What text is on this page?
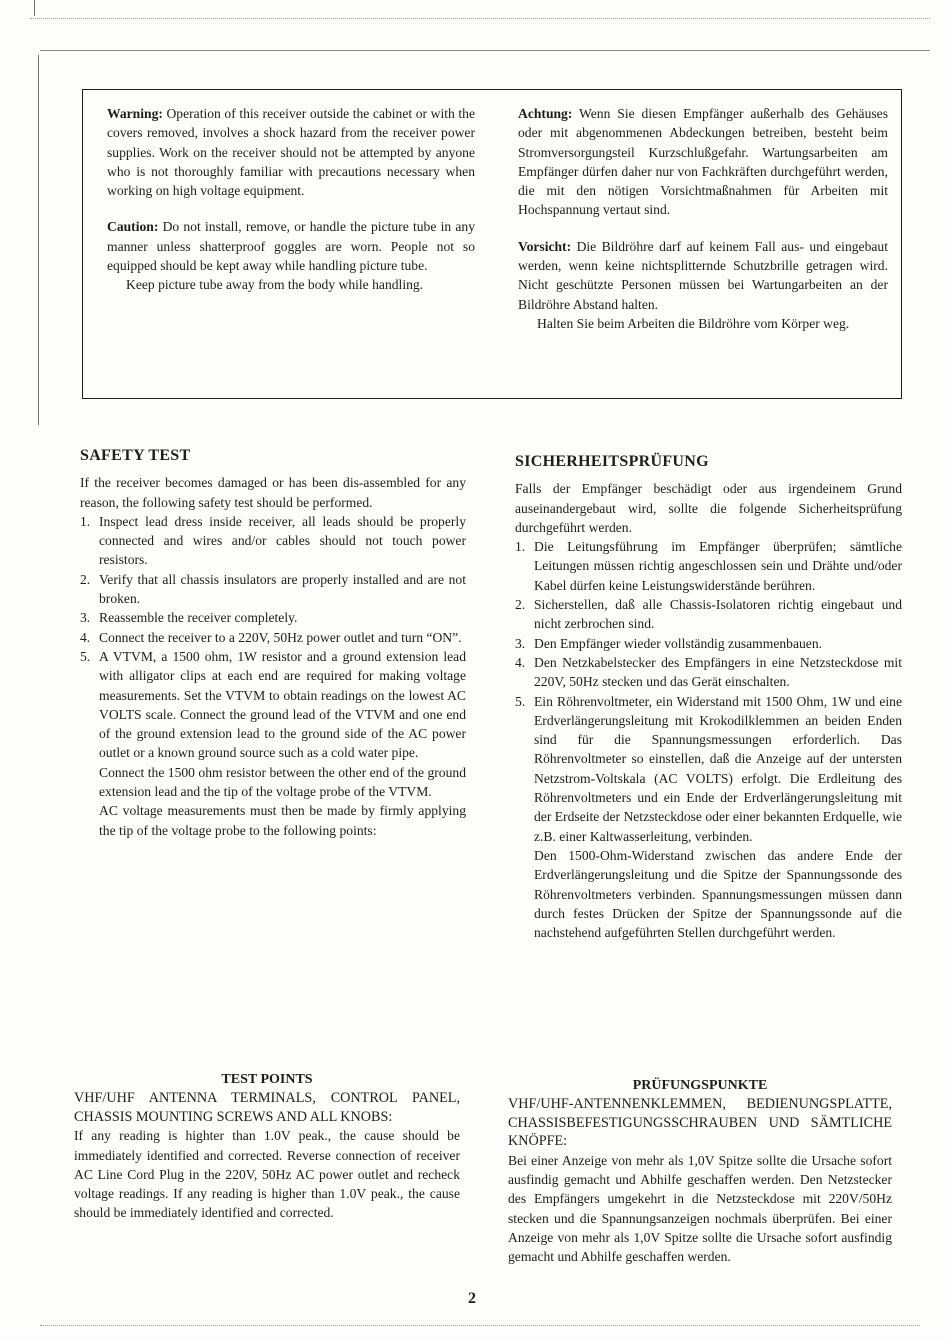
Warning: Operation of this receiver outside the cabinet or with the covers removed, involves a shock hazard from the receiver power supplies. Work on the receiver should not be attempted by anyone who is not thoroughly familiar with precautions necessary when working on high voltage equipment.

Caution: Do not install, remove, or handle the picture tube in any manner unless shatterproof goggles are worn. People not so equipped should be kept away while handling picture tube.

Keep picture tube away from the body while handling.

Achtung: Wenn Sie diesen Empfänger außerhalb des Gehäuses oder mit abgenommenen Abdeckungen betreiben, besteht beim Stromversorgungsteil Kurzschlußgefahr. Wartungsarbeiten am Empfänger dürfen daher nur von Fachkräften durchgeführt werden, die mit den nötigen Vorsichtmaßnahmen für Arbeiten mit Hochspannung vertaut sind.

Vorsicht: Die Bildröhre darf auf keinem Fall aus- und eingebaut werden, wenn keine nichtsplitternde Schutzbrille getragen wird. Nicht geschützte Personen müssen bei Wartungarbeiten an der Bildröhre Abstand halten.

Halten Sie beim Arbeiten die Bildröhre vom Körper weg.

SAFETY TEST

If the receiver becomes damaged or has been dis-assembled for any reason, the following safety test should be performed.

1. Inspect lead dress inside receiver, all leads should be properly connected and wires and/or cables should not touch power resistors.
2. Verify that all chassis insulators are properly installed and are not broken.
3. Reassemble the receiver completely.
4. Connect the receiver to a 220V, 50Hz power outlet and turn “ON”.
5. A VTVM, a 1500 ohm, 1W resistor and a ground extension lead with alligator clips at each end are required for making voltage measurements. Set the VTVM to obtain readings on the lowest AC VOLTS scale. Connect the ground lead of the VTVM and one end of the ground extension lead to the ground side of the AC power outlet or a known ground source such as a cold water pipe.

Connect the 1500 ohm resistor between the other end of the ground extension lead and the tip of the voltage probe of the VTVM.

AC voltage measurements must then be made by firmly applying the tip of the voltage probe to the following points:

SICHERHEITSPRÜFUNG

Falls der Empfänger beschädigt oder aus irgendeinem Grund auseinandergebaut wird, sollte die folgende Sicherheitsprüfung durchgeführt werden.

1. Die Leitungsführung im Empfänger überprüfen; sämtliche Leitungen müssen richtig angeschlossen sein und Drähte und/oder Kabel dürfen keine Leistungswiderstände berühren.
2. Sicherstellen, daß alle Chassis-Isolatoren richtig eingebaut und nicht zerbrochen sind.
3. Den Empfänger wieder vollständig zusammenbauen.
4. Den Netzkabelstecker des Empfängers in eine Netzsteckdose mit 220V, 50Hz stecken und das Gerät einschalten.
5. Ein Röhrenvoltmeter, ein Widerstand mit 1500 Ohm, 1W und eine Erdverlängerungsleitung mit Krokodilklemmen an beiden Enden sind für die Spannungsmessungen erforderlich. Das Röhrenvoltmeter so einstellen, daß die Anzeige auf der untersten Netzstrom-Voltskala (AC VOLTS) erfolgt. Die Erdleitung des Röhrenvoltmeters und ein Ende der Erdverlängerungsleitung mit der Erdseite der Netzsteckdose oder einer bekannten Erdquelle, wie z.B. einer Kaltwasserleitung, verbinden.

Den 1500-Ohm-Widerstand zwischen das andere Ende der Erdverlängerungsleitung und die Spitze der Spannungssonde des Röhrenvoltmeters verbinden. Spannungsmessungen müssen dann durch festes Drücken der Spitze der Spannungssonde auf die nachstehend aufgeführten Stellen durchgeführt werden.

TEST POINTS

VHF/UHF ANTENNA TERMINALS, CONTROL PANEL, CHASSIS MOUNTING SCREWS AND ALL KNOBS:

If any reading is highter than 1.0V peak., the cause should be immediately identified and corrected. Reverse connection of receiver AC Line Cord Plug in the 220V, 50Hz AC power outlet and recheck voltage readings. If any reading is higher than 1.0V peak., the cause should be immediately identified and corrected.

PRÜFUNGSPUNKTE

VHF/UHF-ANTENNENKLEMMEN, BEDIENUNGSPLATTE, CHASSISBEFESTIGUNGSSCHRAUBEN UND SÄMTLICHE KNÖPFE:

Bei einer Anzeige von mehr als 1,0V Spitze sollte die Ursache sofort ausfindig gemacht und Abhilfe geschaffen werden. Den Netzstecker des Empfängers umgekehrt in die Netzsteckdose mit 220V/50Hz stecken und die Spannungsanzeigen nochmals überprüfen. Bei einer Anzeige von mehr als 1,0V Spitze sollte die Ursache sofort ausfindig gemacht und Abhilfe geschaffen werden.

2
